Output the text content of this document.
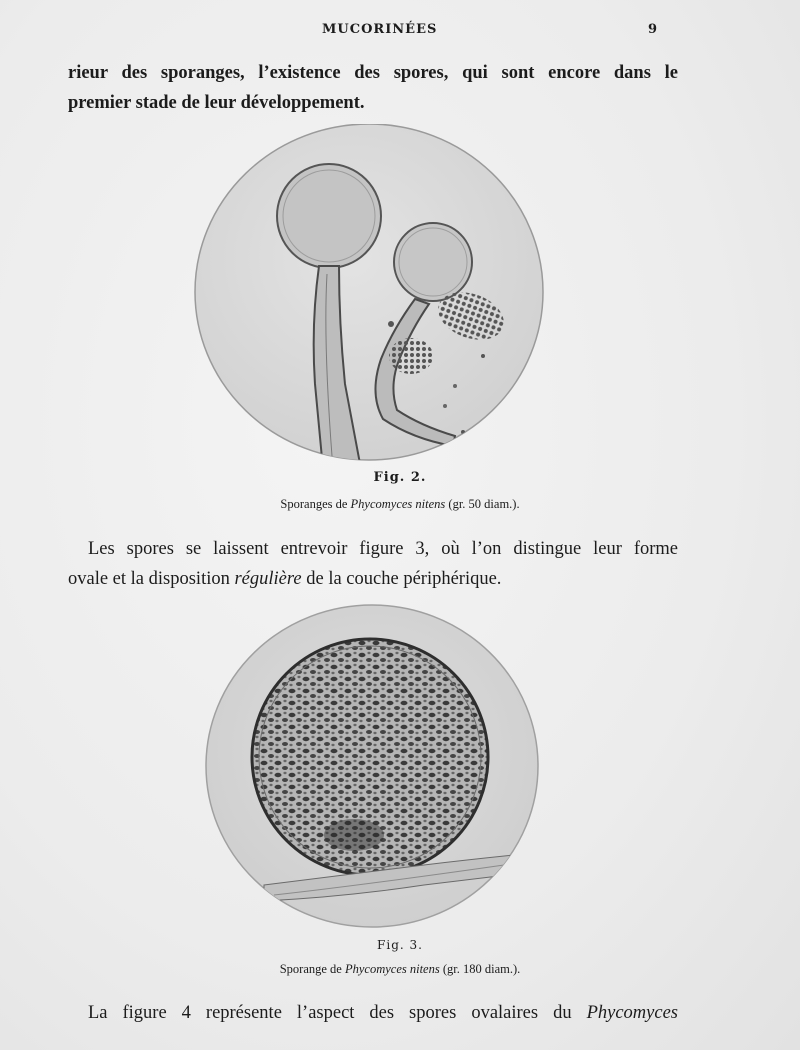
MUCORINÉES	9

rieur des sporanges, l’existence des spores, qui sont encore dans le
premier stade de leur développement.

Fig. 2.
Sporanges de Phycomyces nitens (gr. 50 diam.).

Les spores se laissent entrevoir figure 3, où l’on distingue leur forme
ovale et la disposition régulière de la couche périphérique.

Fig. 3.
Sporange de Phycomyces nitens (gr. 180 diam.).

La figure 4 représente l’aspect des spores ovalaires du Phycomyces
